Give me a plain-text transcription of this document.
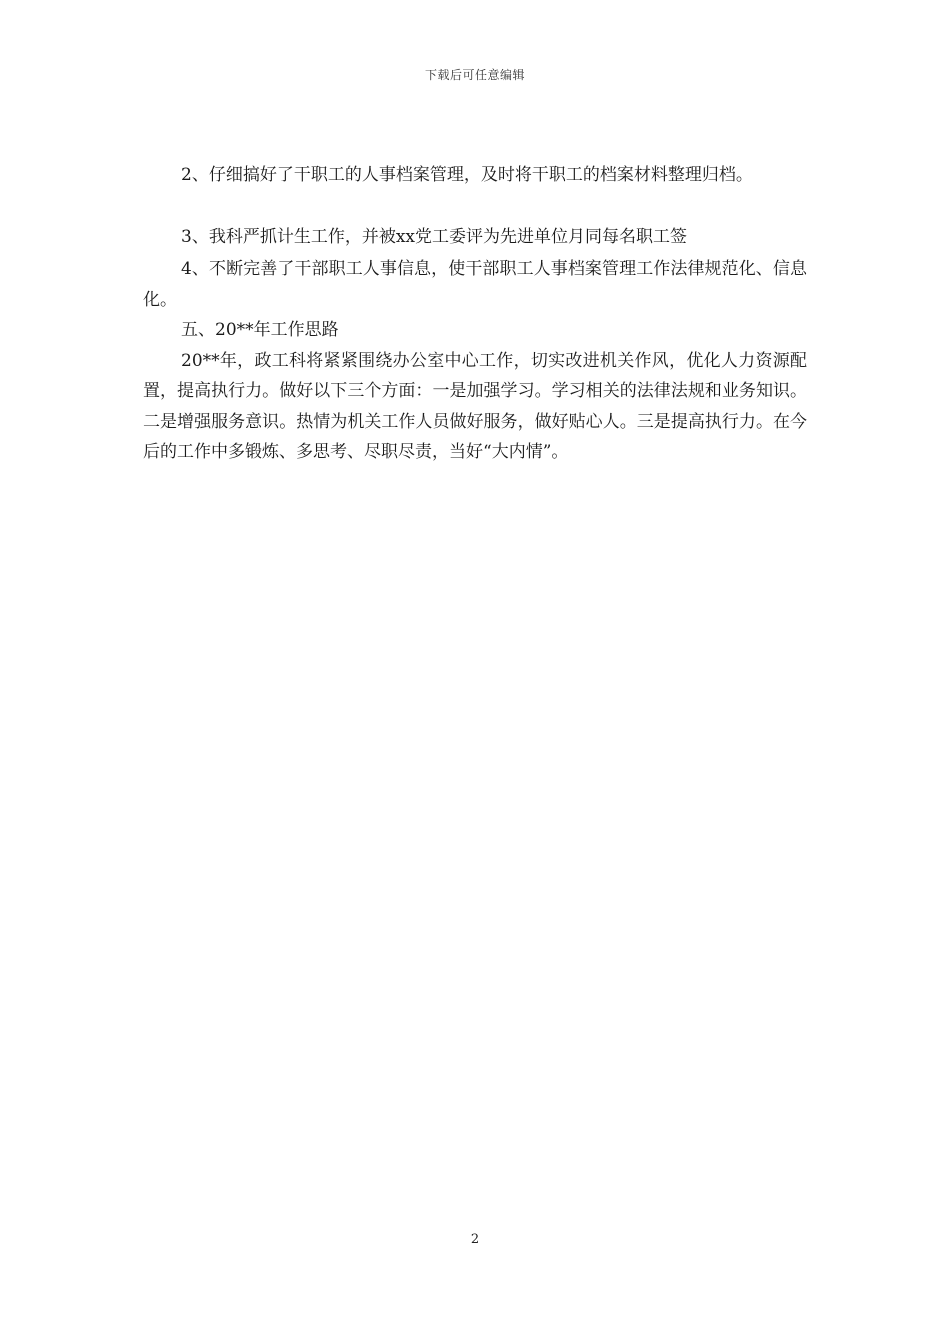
下载后可任意编辑

2、仔细搞好了干职工的人事档案管理，及时将干职工的档案材料整理归档。

3、我科严抓计生工作，并被xx党工委评为先进单位月同每名职工签

4、不断完善了干部职工人事信息，使干部职工人事档案管理工作法律规范化、信息化。

五、20**年工作思路

20**年，政工科将紧紧围绕办公室中心工作，切实改进机关作风，优化人力资源配置，提高执行力。做好以下三个方面：一是加强学习。学习相关的法律法规和业务知识。二是增强服务意识。热情为机关工作人员做好服务，做好贴心人。三是提高执行力。在今后的工作中多锻炼、多思考、尽职尽责，当好“大内情”。

2
